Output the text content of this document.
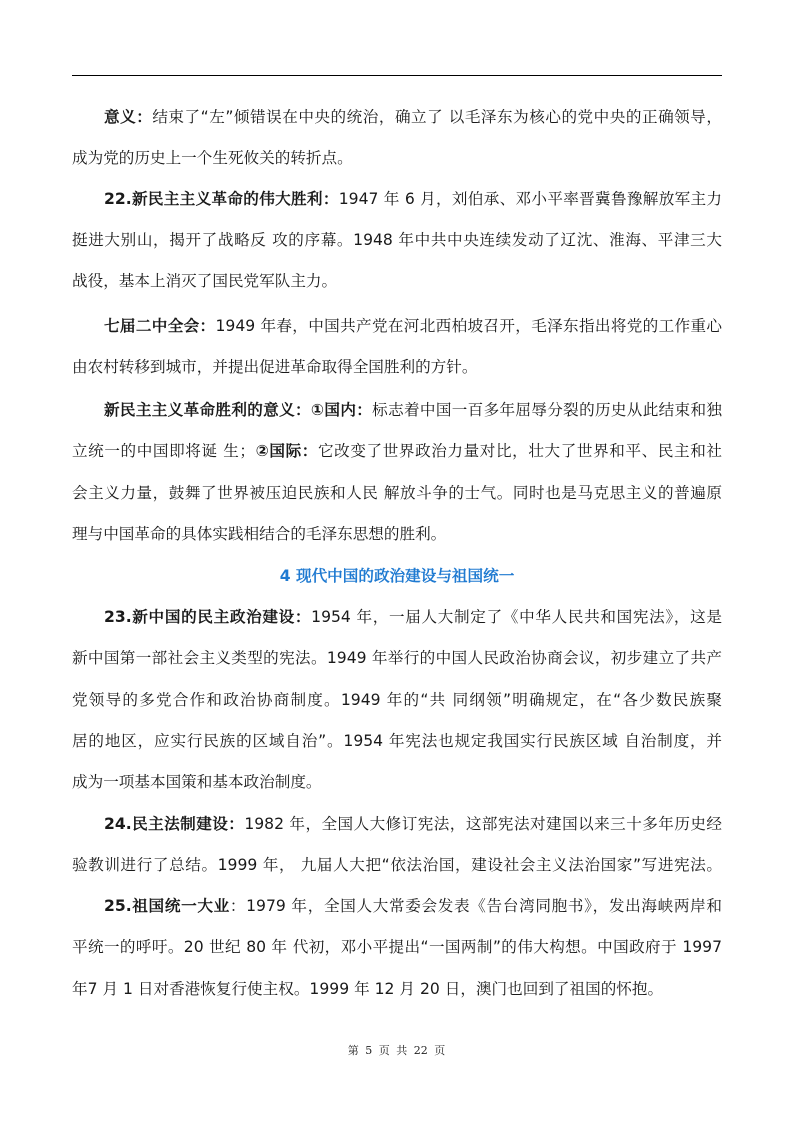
意义：结束了“左”倾错误在中央的统治，确立了 以毛泽东为核心的党中央的正确领导，
成为党的历史上一个生死攸关的转折点。
22.新民主主义革命的伟大胜利：1947 年 6 月，刘伯承、邓小平率晋冀鲁豫解放军主力
挺进大别山，揭开了战略反 攻的序幕。1948 年中共中央连续发动了辽沈、淮海、平津三大
战役，基本上消灭了国民党军队主力。
七届二中全会：1949 年春，中国共产党在河北西柏坡召开，毛泽东指出将党的工作重心
由农村转移到城市，并提出促进革命取得全国胜利的方针。
新民主主义革命胜利的意义：①国内：标志着中国一百多年屈辱分裂的历史从此结束和独
立统一的中国即将诞 生；②国际：它改变了世界政治力量对比，壮大了世界和平、民主和社
会主义力量，鼓舞了世界被压迫民族和人民 解放斗争的士气。同时也是马克思主义的普遍原
理与中国革命的具体实践相结合的毛泽东思想的胜利。
4 现代中国的政治建设与祖国统一
23.新中国的民主政治建设：1954 年，一届人大制定了《中华人民共和国宪法》，这是
新中国第一部社会主义类型的宪法。1949 年举行的中国人民政治协商会议，初步建立了共产
党领导的多党合作和政治协商制度。1949 年的“共 同纲领”明确规定，在“各少数民族聚
居的地区，应实行民族的区域自治”。1954 年宪法也规定我国实行民族区域 自治制度，并
成为一项基本国策和基本政治制度。
24.民主法制建设：1982 年，全国人大修订宪法，这部宪法对建国以来三十多年历史经
验教训进行了总结。1999 年， 九届人大把“依法治国，建设社会主义法治国家”写进宪法。
25.祖国统一大业：1979 年，全国人大常委会发表《告台湾同胞书》，发出海峡两岸和
平统一的呼吁。20 世纪 80 年 代初，邓小平提出“一国两制”的伟大构想。中国政府于 1997
年7 月 1 日对香港恢复行使主权。1999 年 12 月 20 日，澳门也回到了祖国的怀抱。
第 5 页 共 22 页
